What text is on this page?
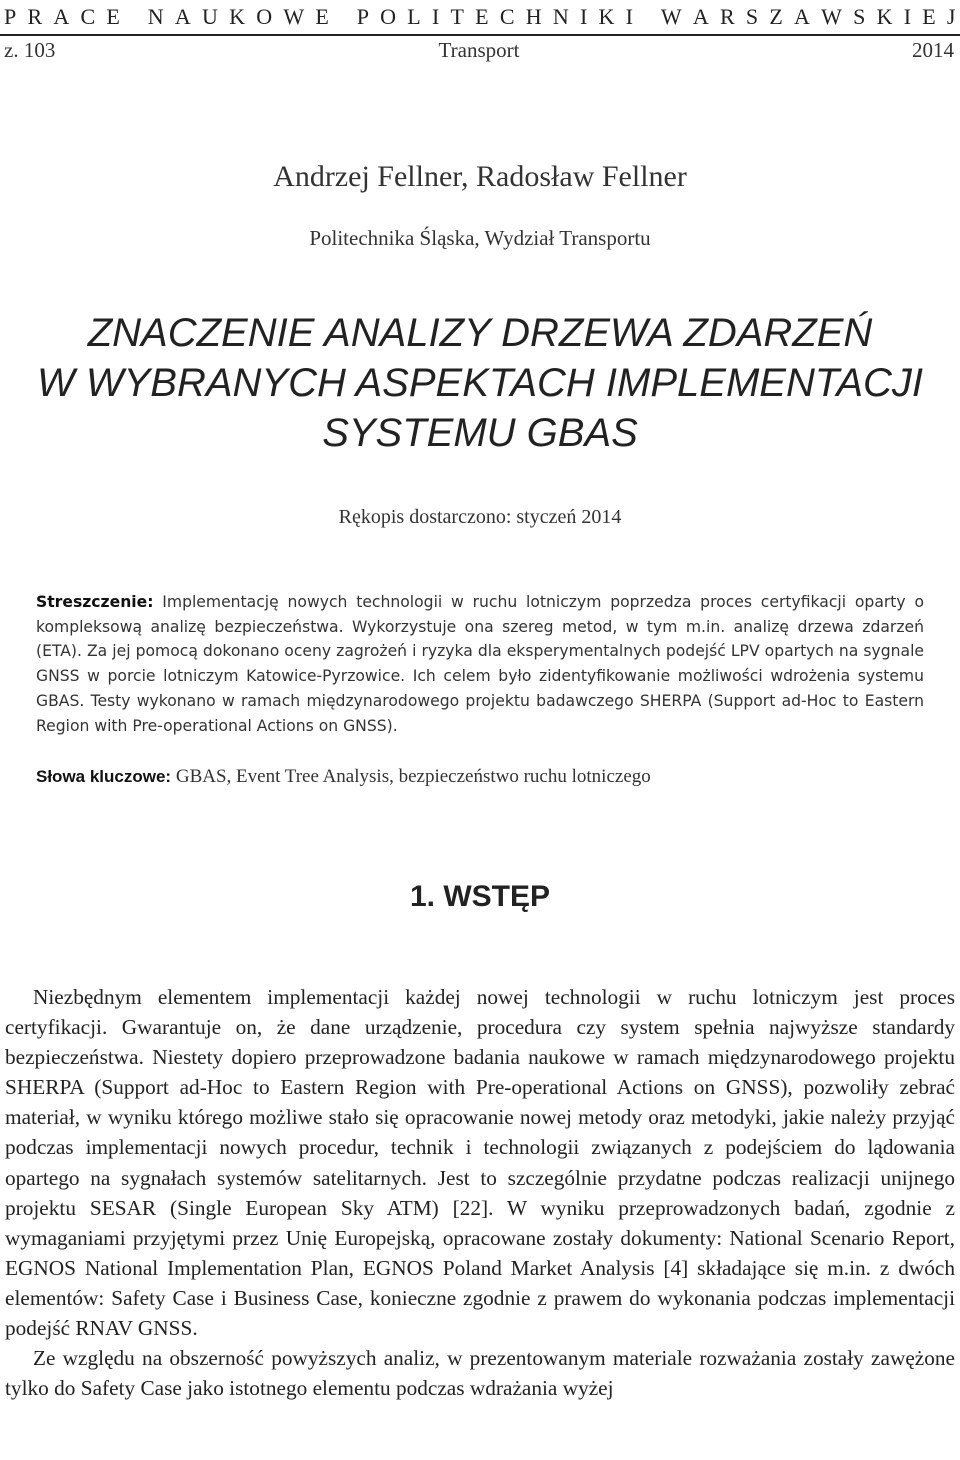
P R A C E
N A U K O W E
P O L I T E C H N I K I
W A R S Z A W S K I E J
z. 103	Transport	2014
Andrzej Fellner, Radosław Fellner
Politechnika Śląska, Wydział Transportu
ZNACZENIE ANALIZY DRZEWA ZDARZEŃ
W WYBRANYCH ASPEKTACH IMPLEMENTACJI
SYSTEMU GBAS
Rękopis dostarczono: styczeń 2014
Streszczenie: Implementację nowych technologii w ruchu lotniczym poprzedza proces certyfikacji oparty o kompleksową analizę bezpieczeństwa. Wykorzystuje ona szereg metod, w tym m.in. analizę drzewa zdarzeń (ETA). Za jej pomocą dokonano oceny zagrożeń i ryzyka dla eksperymentalnych podejść LPV opartych na sygnale GNSS w porcie lotniczym Katowice-Pyrzowice. Ich celem było zidentyfikowanie możliwości wdrożenia systemu GBAS. Testy wykonano w ramach międzynarodowego projektu badawczego SHERPA (Support ad-Hoc to Eastern Region with Pre-operational Actions on GNSS).
Słowa kluczowe: GBAS, Event Tree Analysis, bezpieczeństwo ruchu lotniczego
1. WSTĘP

Niezbędnym elementem implementacji każdej nowej technologii w ruchu lotniczym jest proces certyfikacji. Gwarantuje on, że dane urządzenie, procedura czy system spełnia najwyższe standardy bezpieczeństwa. Niestety dopiero przeprowadzone badania naukowe w ramach międzynarodowego projektu SHERPA (Support ad-Hoc to Eastern Region with Pre-operational Actions on GNSS), pozwoliły zebrać materiał, w wyniku którego możliwe stało się opracowanie nowej metody oraz metodyki, jakie należy przyjąć podczas implementacji nowych procedur, technik i technologii związanych z podejściem do lądowania opartego na sygnałach systemów satelitarnych. Jest to szczególnie przydatne podczas realizacji unijnego projektu SESAR (Single European Sky ATM) [22]. W wyniku przeprowadzonych badań, zgodnie z wymaganiami przyjętymi przez Unię Europejską, opracowane zostały dokumenty: National Scenario Report, EGNOS National Implementation Plan, EGNOS Poland Market Analysis [4] składające się m.in. z dwóch elementów: Safety Case i Business Case, konieczne zgodnie z prawem do wykonania podczas implementacji podejść RNAV GNSS.

Ze względu na obszerność powyższych analiz, w prezentowanym materiale rozważania zostały zawężone tylko do Safety Case jako istotnego elementu podczas wdrażania wyżej
